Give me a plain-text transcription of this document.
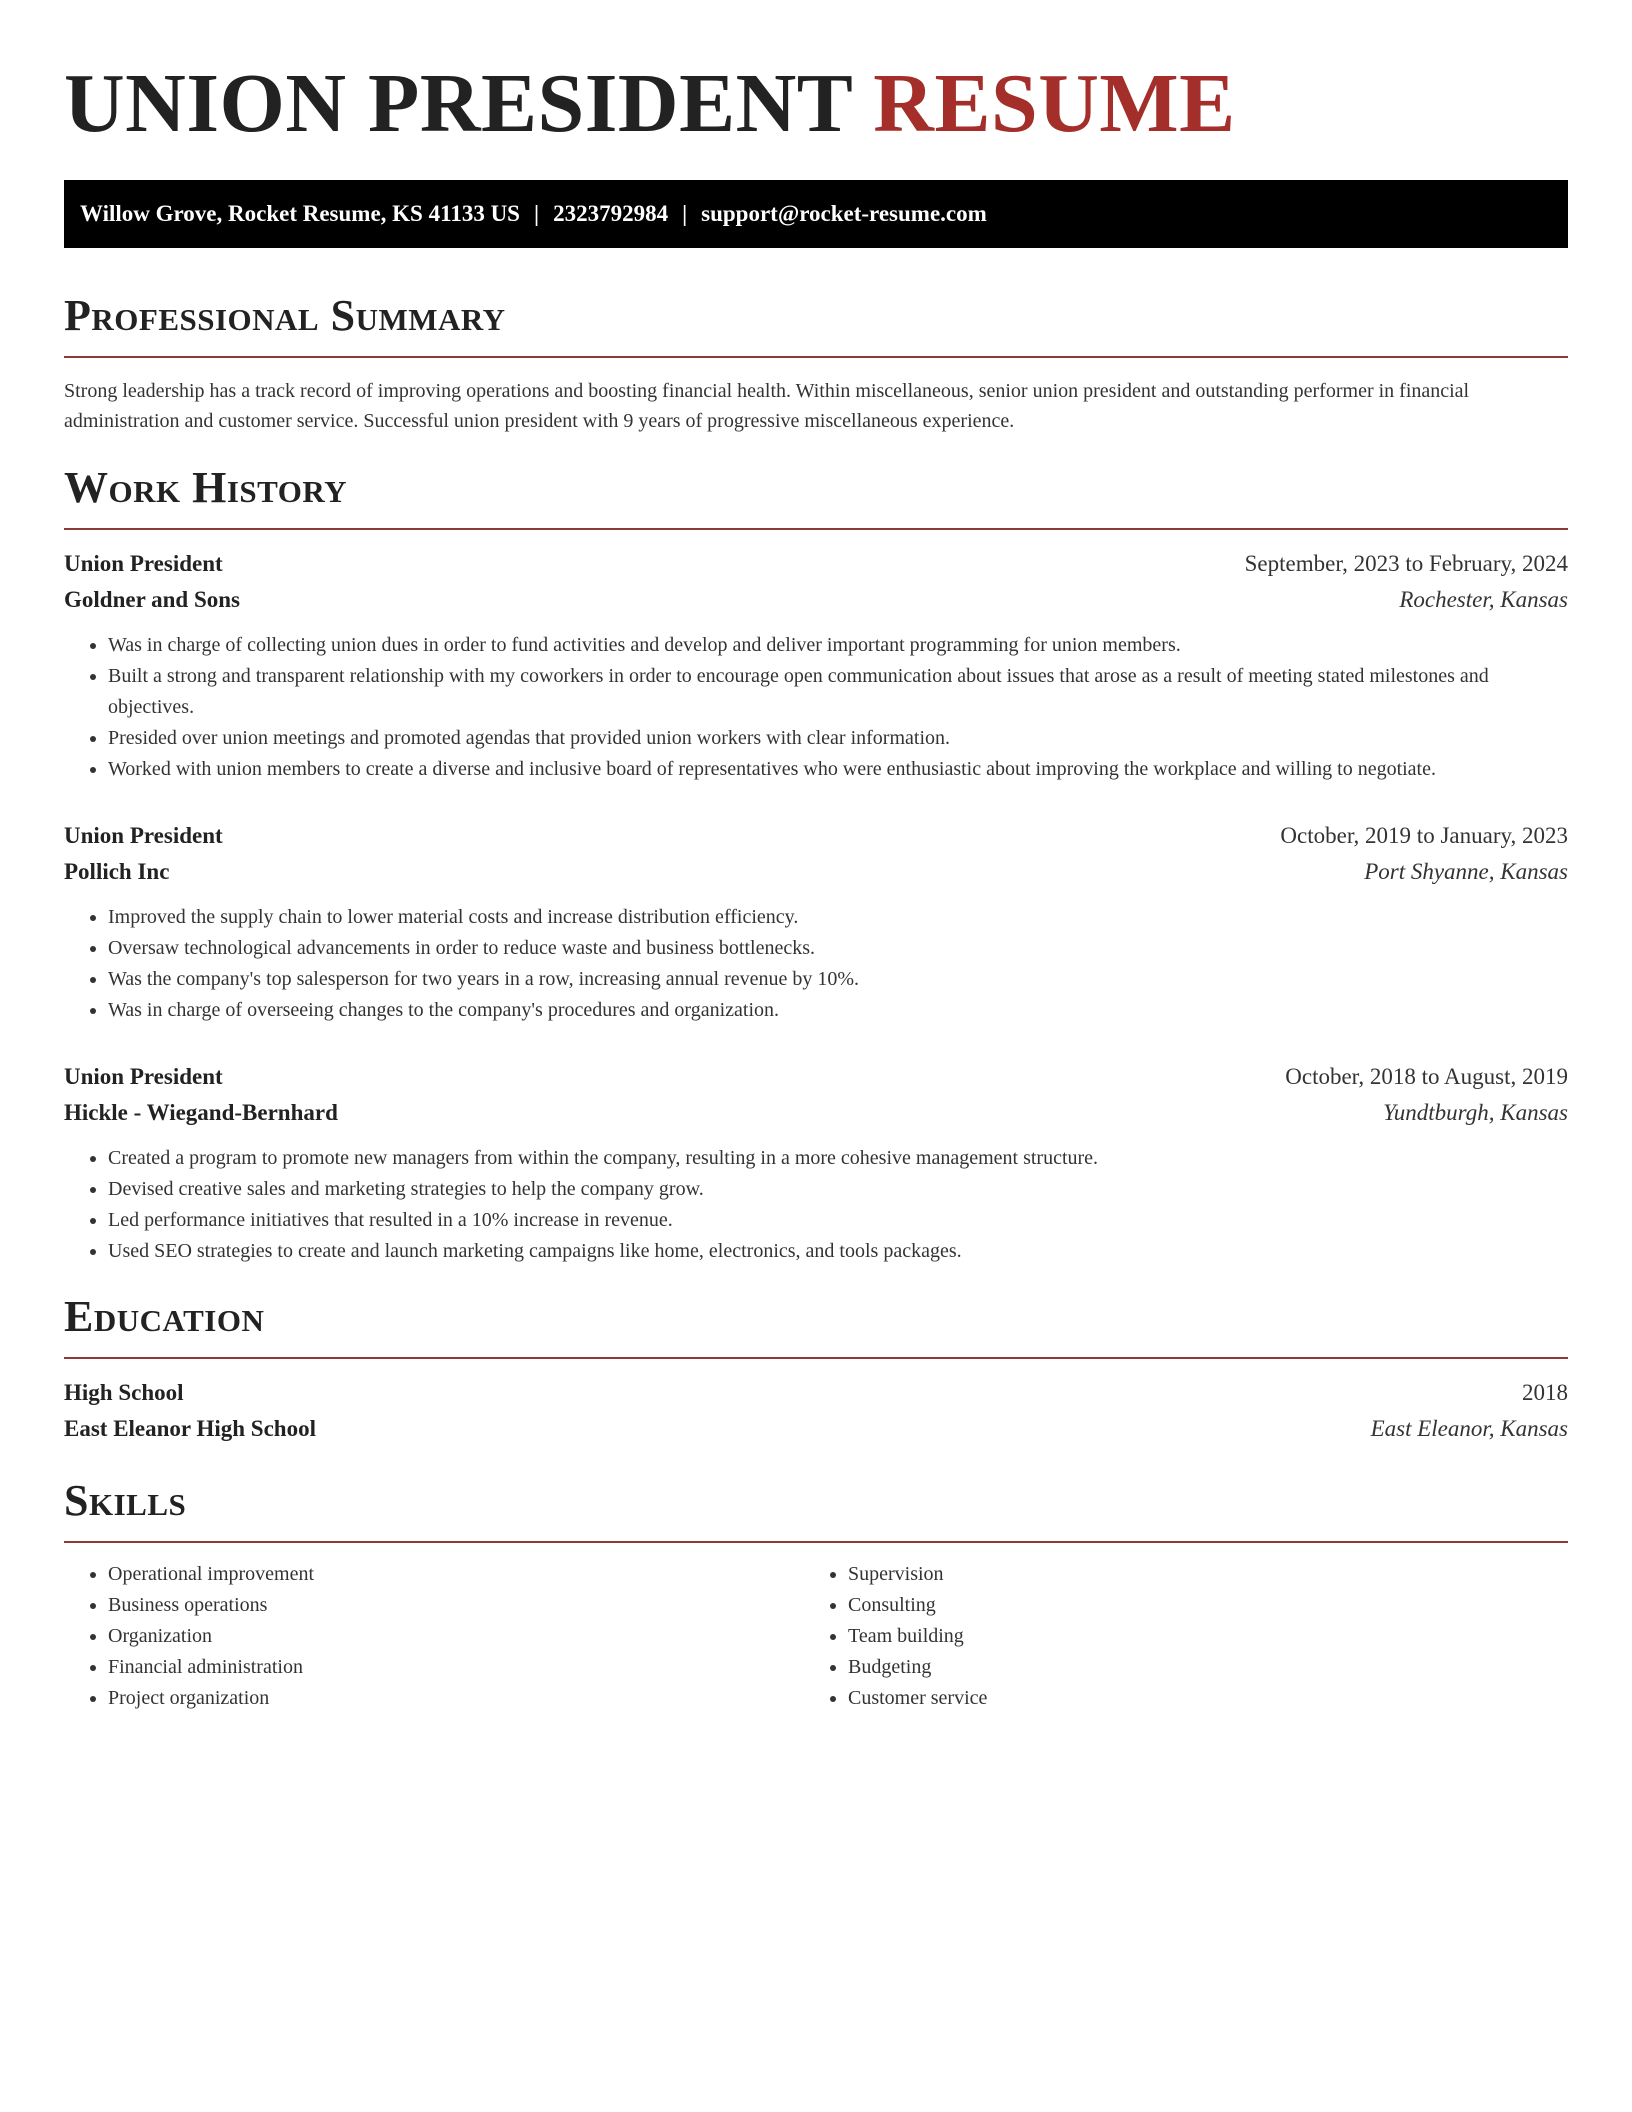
UNION PRESIDENT RESUME
Willow Grove, Rocket Resume, KS 41133 US | 2323792984 | support@rocket-resume.com
Professional Summary

Strong leadership has a track record of improving operations and boosting financial health. Within miscellaneous, senior union president and outstanding performer in financial administration and customer service. Successful union president with 9 years of progressive miscellaneous experience.

Work History
Union President	September, 2023 to February, 2024
Goldner and Sons	Rochester, Kansas
• Was in charge of collecting union dues in order to fund activities and develop and deliver important programming for union members.
• Built a strong and transparent relationship with my coworkers in order to encourage open communication about issues that arose as a result of meeting stated milestones and objectives.
• Presided over union meetings and promoted agendas that provided union workers with clear information.
• Worked with union members to create a diverse and inclusive board of representatives who were enthusiastic about improving the workplace and willing to negotiate.
Union President	October, 2019 to January, 2023
Pollich Inc	Port Shyanne, Kansas
• Improved the supply chain to lower material costs and increase distribution efficiency.
• Oversaw technological advancements in order to reduce waste and business bottlenecks.
• Was the company's top salesperson for two years in a row, increasing annual revenue by 10%.
• Was in charge of overseeing changes to the company's procedures and organization.
Union President	October, 2018 to August, 2019
Hickle - Wiegand-Bernhard	Yundtburgh, Kansas
• Created a program to promote new managers from within the company, resulting in a more cohesive management structure.
• Devised creative sales and marketing strategies to help the company grow.
• Led performance initiatives that resulted in a 10% increase in revenue.
• Used SEO strategies to create and launch marketing campaigns like home, electronics, and tools packages.
Education
High School	2018
East Eleanor High School	East Eleanor, Kansas
Skills
• Operational improvement
• Business operations
• Organization
• Financial administration
• Project organization
• Supervision
• Consulting
• Team building
• Budgeting
• Customer service
